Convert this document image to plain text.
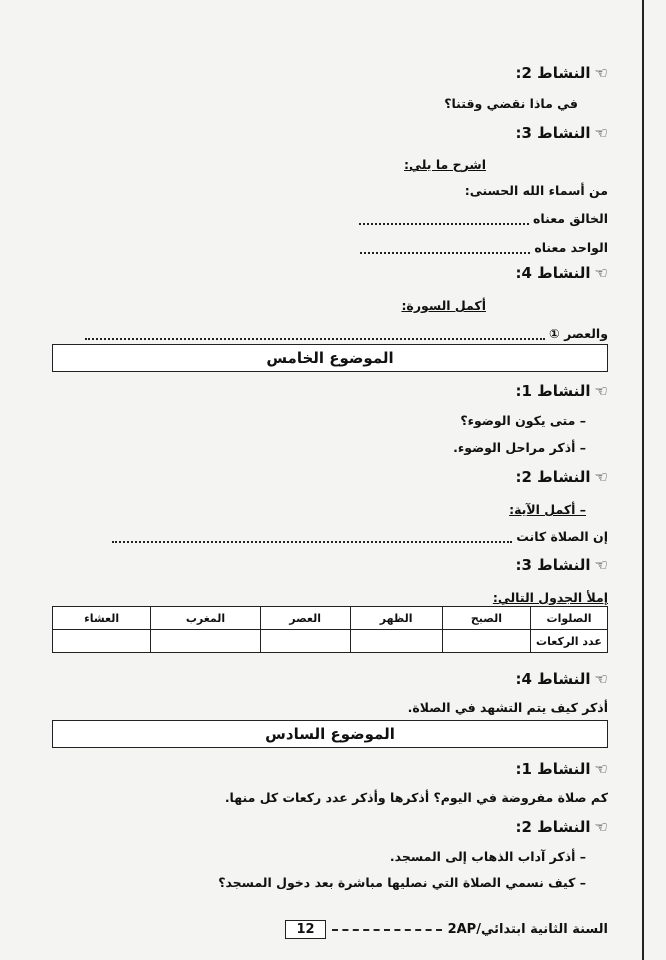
☜
النشاط 2:
في ماذا نقضي وقتنا؟
☜
النشاط 3:
اشرح ما يلي:
من أسماء الله الحسنى:
الخالق معناه
الواحد معناه
☜
النشاط 4:
أكمل السورة:
والعصر ①
الموضوع الخامس
☜
النشاط 1:
– متى يكون الوضوء؟
– أذكر مراحل الوضوء.
☜
النشاط 2:
– أكمل الآية:
إن الصلاة كانت
☜
النشاط 3:
إملأ الجدول التالي:
الصلوات	الصبح	الظهر	العصر	المغرب	العشاء
عدد الركعات					
☜
النشاط 4:
أذكر كيف يتم التشهد في الصلاة.
الموضوع السادس
☜
النشاط 1:
كم صلاة مفروضة في اليوم؟ أذكرها وأذكر عدد ركعات كل منها.
☜
النشاط 2:
– أذكر آداب الذهاب إلى المسجد.
– كيف نسمي الصلاة التي نصليها مباشرة بعد دخول المسجد؟
السنة الثانية ابتدائي/2AP
12
